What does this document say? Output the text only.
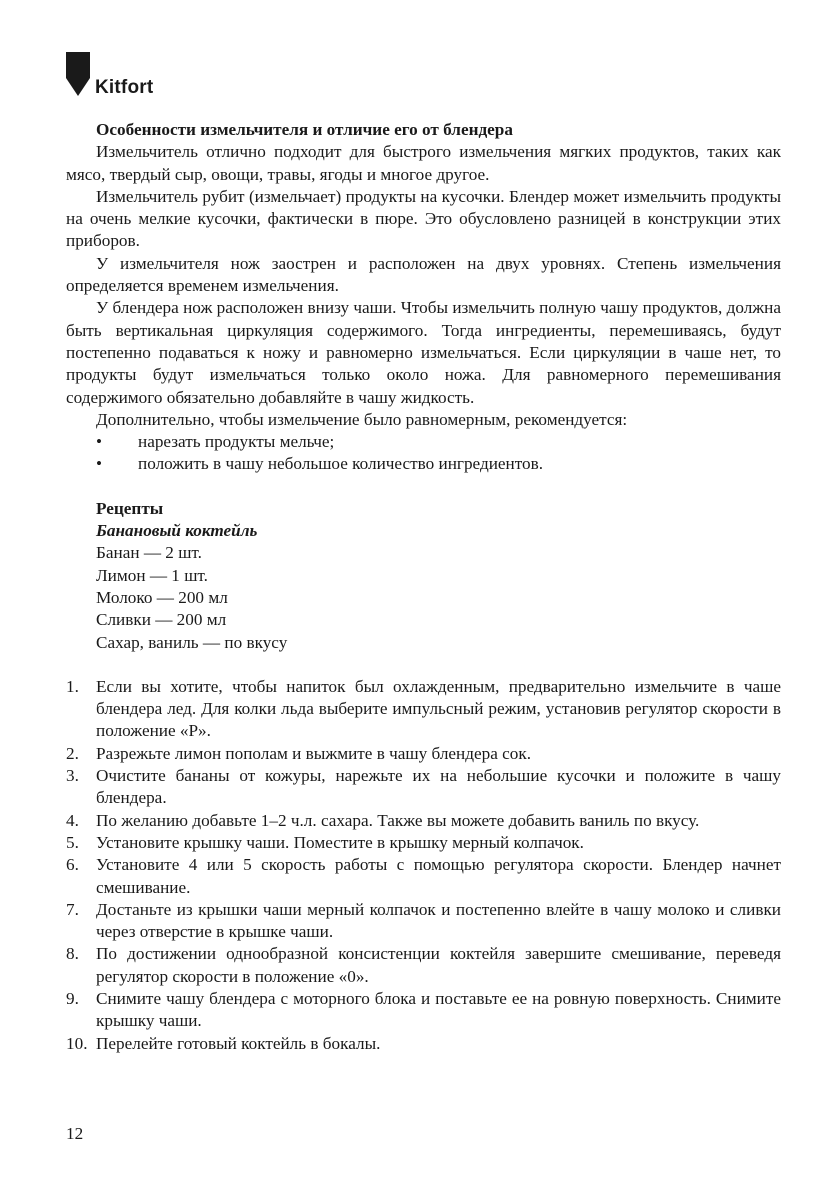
Kitfort
Особенности измельчителя и отличие его от блендера
Измельчитель отлично подходит для быстрого измельчения мягких продуктов, таких как мясо, твердый сыр, овощи, травы, ягоды и многое другое.
Измельчитель рубит (измельчает) продукты на кусочки. Блендер может измельчить продукты на очень мелкие кусочки, фактически в пюре. Это обусловлено разницей в конструкции этих приборов.
У измельчителя нож заострен и расположен на двух уровнях. Степень измельчения определяется временем измельчения.
У блендера нож расположен внизу чаши. Чтобы измельчить полную чашу продуктов, должна быть вертикальная циркуляция содержимого. Тогда ингредиенты, перемешиваясь, будут постепенно подаваться к ножу и равномерно измельчаться. Если циркуляции в чаше нет, то продукты будут измельчаться только около ножа. Для равномерного перемешивания содержимого обязательно добавляйте в чашу жидкость.
Дополнительно, чтобы измельчение было равномерным, рекомендуется:
• нарезать продукты мельче;
• положить в чашу небольшое количество ингредиентов.
Рецепты
Банановый коктейль
Банан — 2 шт.
Лимон — 1 шт.
Молоко — 200 мл
Сливки — 200 мл
Сахар, ваниль — по вкусу
1. Если вы хотите, чтобы напиток был охлажденным, предварительно измельчите в чаше блендера лед. Для колки льда выберите импульсный режим, установив регулятор скорости в положение «P».
2. Разрежьте лимон пополам и выжмите в чашу блендера сок.
3. Очистите бананы от кожуры, нарежьте их на небольшие кусочки и положите в чашу блендера.
4. По желанию добавьте 1–2 ч.л. сахара. Также вы можете добавить ваниль по вкусу.
5. Установите крышку чаши. Поместите в крышку мерный колпачок.
6. Установите 4 или 5 скорость работы с помощью регулятора скорости. Блендер начнет смешивание.
7. Достаньте из крышки чаши мерный колпачок и постепенно влейте в чашу молоко и сливки через отверстие в крышке чаши.
8. По достижении однообразной консистенции коктейля завершите смешивание, переведя регулятор скорости в положение «0».
9. Снимите чашу блендера с моторного блока и поставьте ее на ровную поверхность. Снимите крышку чаши.
10. Перелейте готовый коктейль в бокалы.
12
